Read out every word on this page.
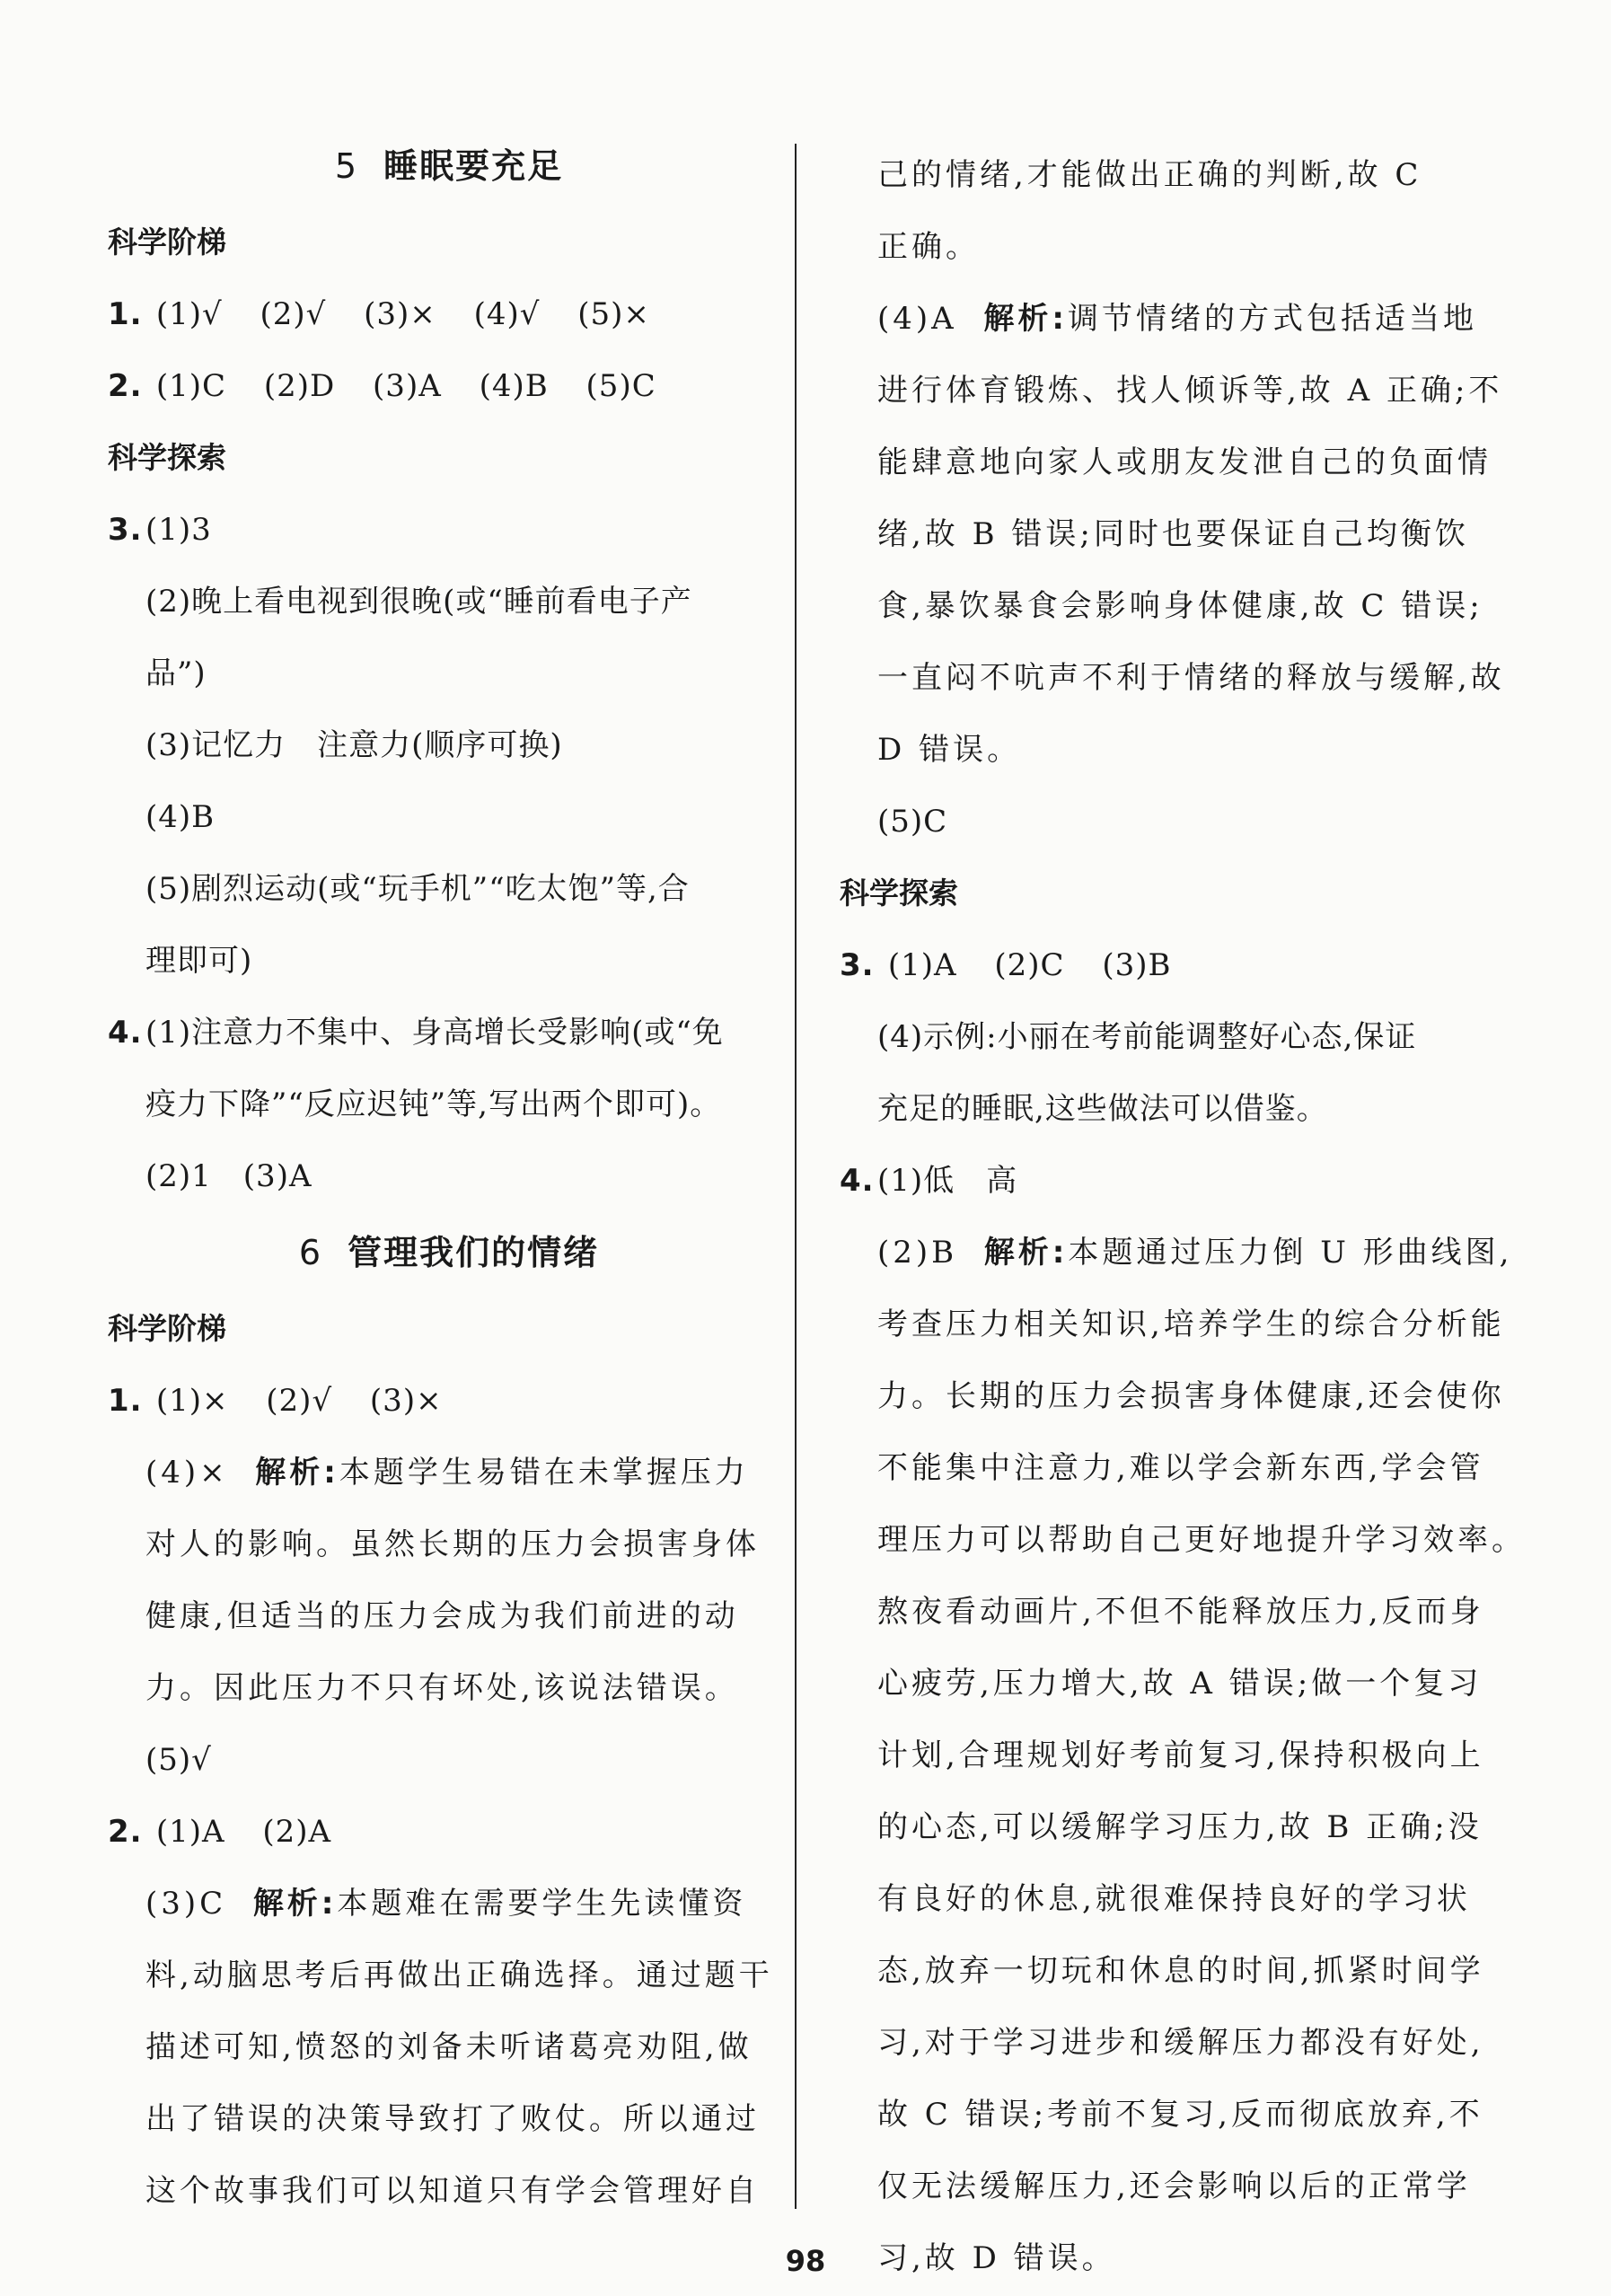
5 睡眠要充足
科学阶梯
1. (1)√ (2)√ (3)× (4)√ (5)×
2. (1)C (2)D (3)A (4)B (5)C
科学探索
3. (1)3
(2)晚上看电视到很晚(或“睡前看电子产
品”)
(3)记忆力　注意力(顺序可换)
(4)B
(5)剧烈运动(或“玩手机”“吃太饱”等,合
理即可)
4. (1)注意力不集中、身高增长受影响(或“免
疫力下降”“反应迟钝”等,写出两个即可)。
(2)1　(3)A
6 管理我们的情绪
科学阶梯
1. (1)× (2)√ (3)×
(4)× 解析:本题学生易错在未掌握压力
对人的影响。虽然长期的压力会损害身体
健康,但适当的压力会成为我们前进的动
力。因此压力不只有坏处,该说法错误。
(5)√
2. (1)A (2)A
(3)C 解析:本题难在需要学生先读懂资
料,动脑思考后再做出正确选择。通过题干
描述可知,愤怒的刘备未听诸葛亮劝阻,做
出了错误的决策导致打了败仗。所以通过
这个故事我们可以知道只有学会管理好自
己的情绪,才能做出正确的判断,故 C
正确。
(4)A 解析:调节情绪的方式包括适当地
进行体育锻炼、找人倾诉等,故 A 正确;不
能肆意地向家人或朋友发泄自己的负面情
绪,故 B 错误;同时也要保证自己均衡饮
食,暴饮暴食会影响身体健康,故 C 错误;
一直闷不吭声不利于情绪的释放与缓解,故
D 错误。
(5)C
科学探索
3. (1)A (2)C (3)B
(4)示例:小丽在考前能调整好心态,保证
充足的睡眠,这些做法可以借鉴。
4. (1)低　高
(2)B 解析:本题通过压力倒 U 形曲线图,
考查压力相关知识,培养学生的综合分析能
力。长期的压力会损害身体健康,还会使你
不能集中注意力,难以学会新东西,学会管
理压力可以帮助自己更好地提升学习效率。
熬夜看动画片,不但不能释放压力,反而身
心疲劳,压力增大,故 A 错误;做一个复习
计划,合理规划好考前复习,保持积极向上
的心态,可以缓解学习压力,故 B 正确;没
有良好的休息,就很难保持良好的学习状
态,放弃一切玩和休息的时间,抓紧时间学
习,对于学习进步和缓解压力都没有好处,
故 C 错误;考前不复习,反而彻底放弃,不
仅无法缓解压力,还会影响以后的正常学
习,故 D 错误。
98
